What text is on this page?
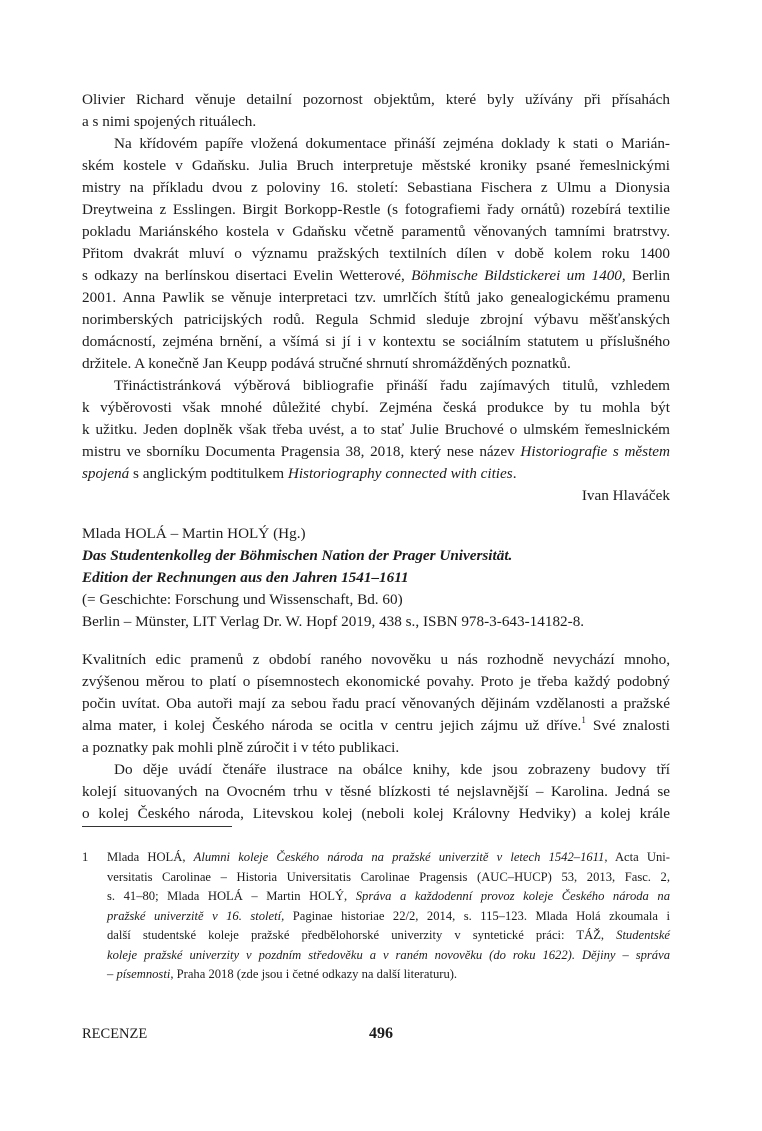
Olivier Richard věnuje detailní pozornost objektům, které byly užívány při přísahách
a s nimi spojených rituálech.
Na křídovém papíře vložená dokumentace přináší zejména doklady k stati o Marián-
ském kostele v Gdaňsku. Julia Bruch interpretuje městské kroniky psané řemeslnickými
mistry na příkladu dvou z poloviny 16. století: Sebastiana Fischera z Ulmu a Dionysia
Dreytweina z Esslingen. Birgit Borkopp-Restle (s fotografiemi řady ornátů) rozebírá textilie
pokladu Mariánského kostela v Gdaňsku včetně paramentů věnovaných tamními bratrstvy.
Přitom dvakrát mluví o významu pražských textilních dílen v době kolem roku 1400
s odkazy na berlínskou disertaci Evelin Wetterové, Böhmische Bildstickerei um 1400, Berlin
2001. Anna Pawlik se věnuje interpretaci tzv. umrlčích štítů jako genealogickému pramenu
norimberských patricijských rodů. Regula Schmid sleduje zbrojní výbavu měšťanských
domácností, zejména brnění, a všímá si jí i v kontextu se sociálním statutem u příslušného
držitele. A konečně Jan Keupp podává stručné shrnutí shromážděných poznatků.
Třináctistránková výběrová bibliografie přináší řadu zajímavých titulů, vzhledem
k výběrovosti však mnohé důležité chybí. Zejména česká produkce by tu mohla být
k užitku. Jeden doplněk však třeba uvést, a to stať Julie Bruchové o ulmském řemeslnickém
mistru ve sborníku Documenta Pragensia 38, 2018, který nese název Historiografie s městem
spojená s anglickým podtitulkem Historiography connected with cities.
Ivan Hlaváček
Mlada HOLÁ – Martin HOLÝ (Hg.)
Das Studentenkolleg der Böhmischen Nation der Prager Universität.
Edition der Rechnungen aus den Jahren 1541–1611
(= Geschichte: Forschung und Wissenschaft, Bd. 60)
Berlin – Münster, LIT Verlag Dr. W. Hopf 2019, 438 s., ISBN 978-3-643-14182-8.
Kvalitních edic pramenů z období raného novověku u nás rozhodně nevychází mnoho,
zvýšenou měrou to platí o písemnostech ekonomické povahy. Proto je třeba každý podobný
počin uvítat. Oba autoři mají za sebou řadu prací věnovaných dějinám vzdělanosti a pražské
alma mater, i kolej Českého národa se ocitla v centru jejich zájmu už dříve.$^1$ Své znalosti
a poznatky pak mohli plně zúročit i v této publikaci.
Do děje uvádí čtenáře ilustrace na obálce knihy, kde jsou zobrazeny budovy tří
kolejí situovaných na Ovocném trhu v těsné blízkosti té nejslavnější – Karolina. Jedná se
o kolej Českého národa, Litevskou kolej (neboli kolej Královny Hedviky) a kolej krále
1	Mlada HOLÁ, Alumni koleje Českého národa na pražské univerzitě v letech 1542–1611, Acta Uni-
versitatis Carolinae – Historia Universitatis Carolinae Pragensis (AUC–HUCP) 53, 2013, Fasc. 2,
s. 41–80; Mlada HOLÁ – Martin HOLÝ, Správa a každodenní provoz koleje Českého národa na
pražské univerzitě v 16. století, Paginae historiae 22/2, 2014, s. 115–123. Mlada Holá zkoumala i
další studentské koleje pražské předbělohorské univerzity v syntetické práci: TÁŽ, Studentské
koleje pražské univerzity v pozdním středověku a v raném novověku (do roku 1622). Dějiny – správa
– písemnosti, Praha 2018 (zde jsou i četné odkazy na další literaturu).
RECENZE	496
